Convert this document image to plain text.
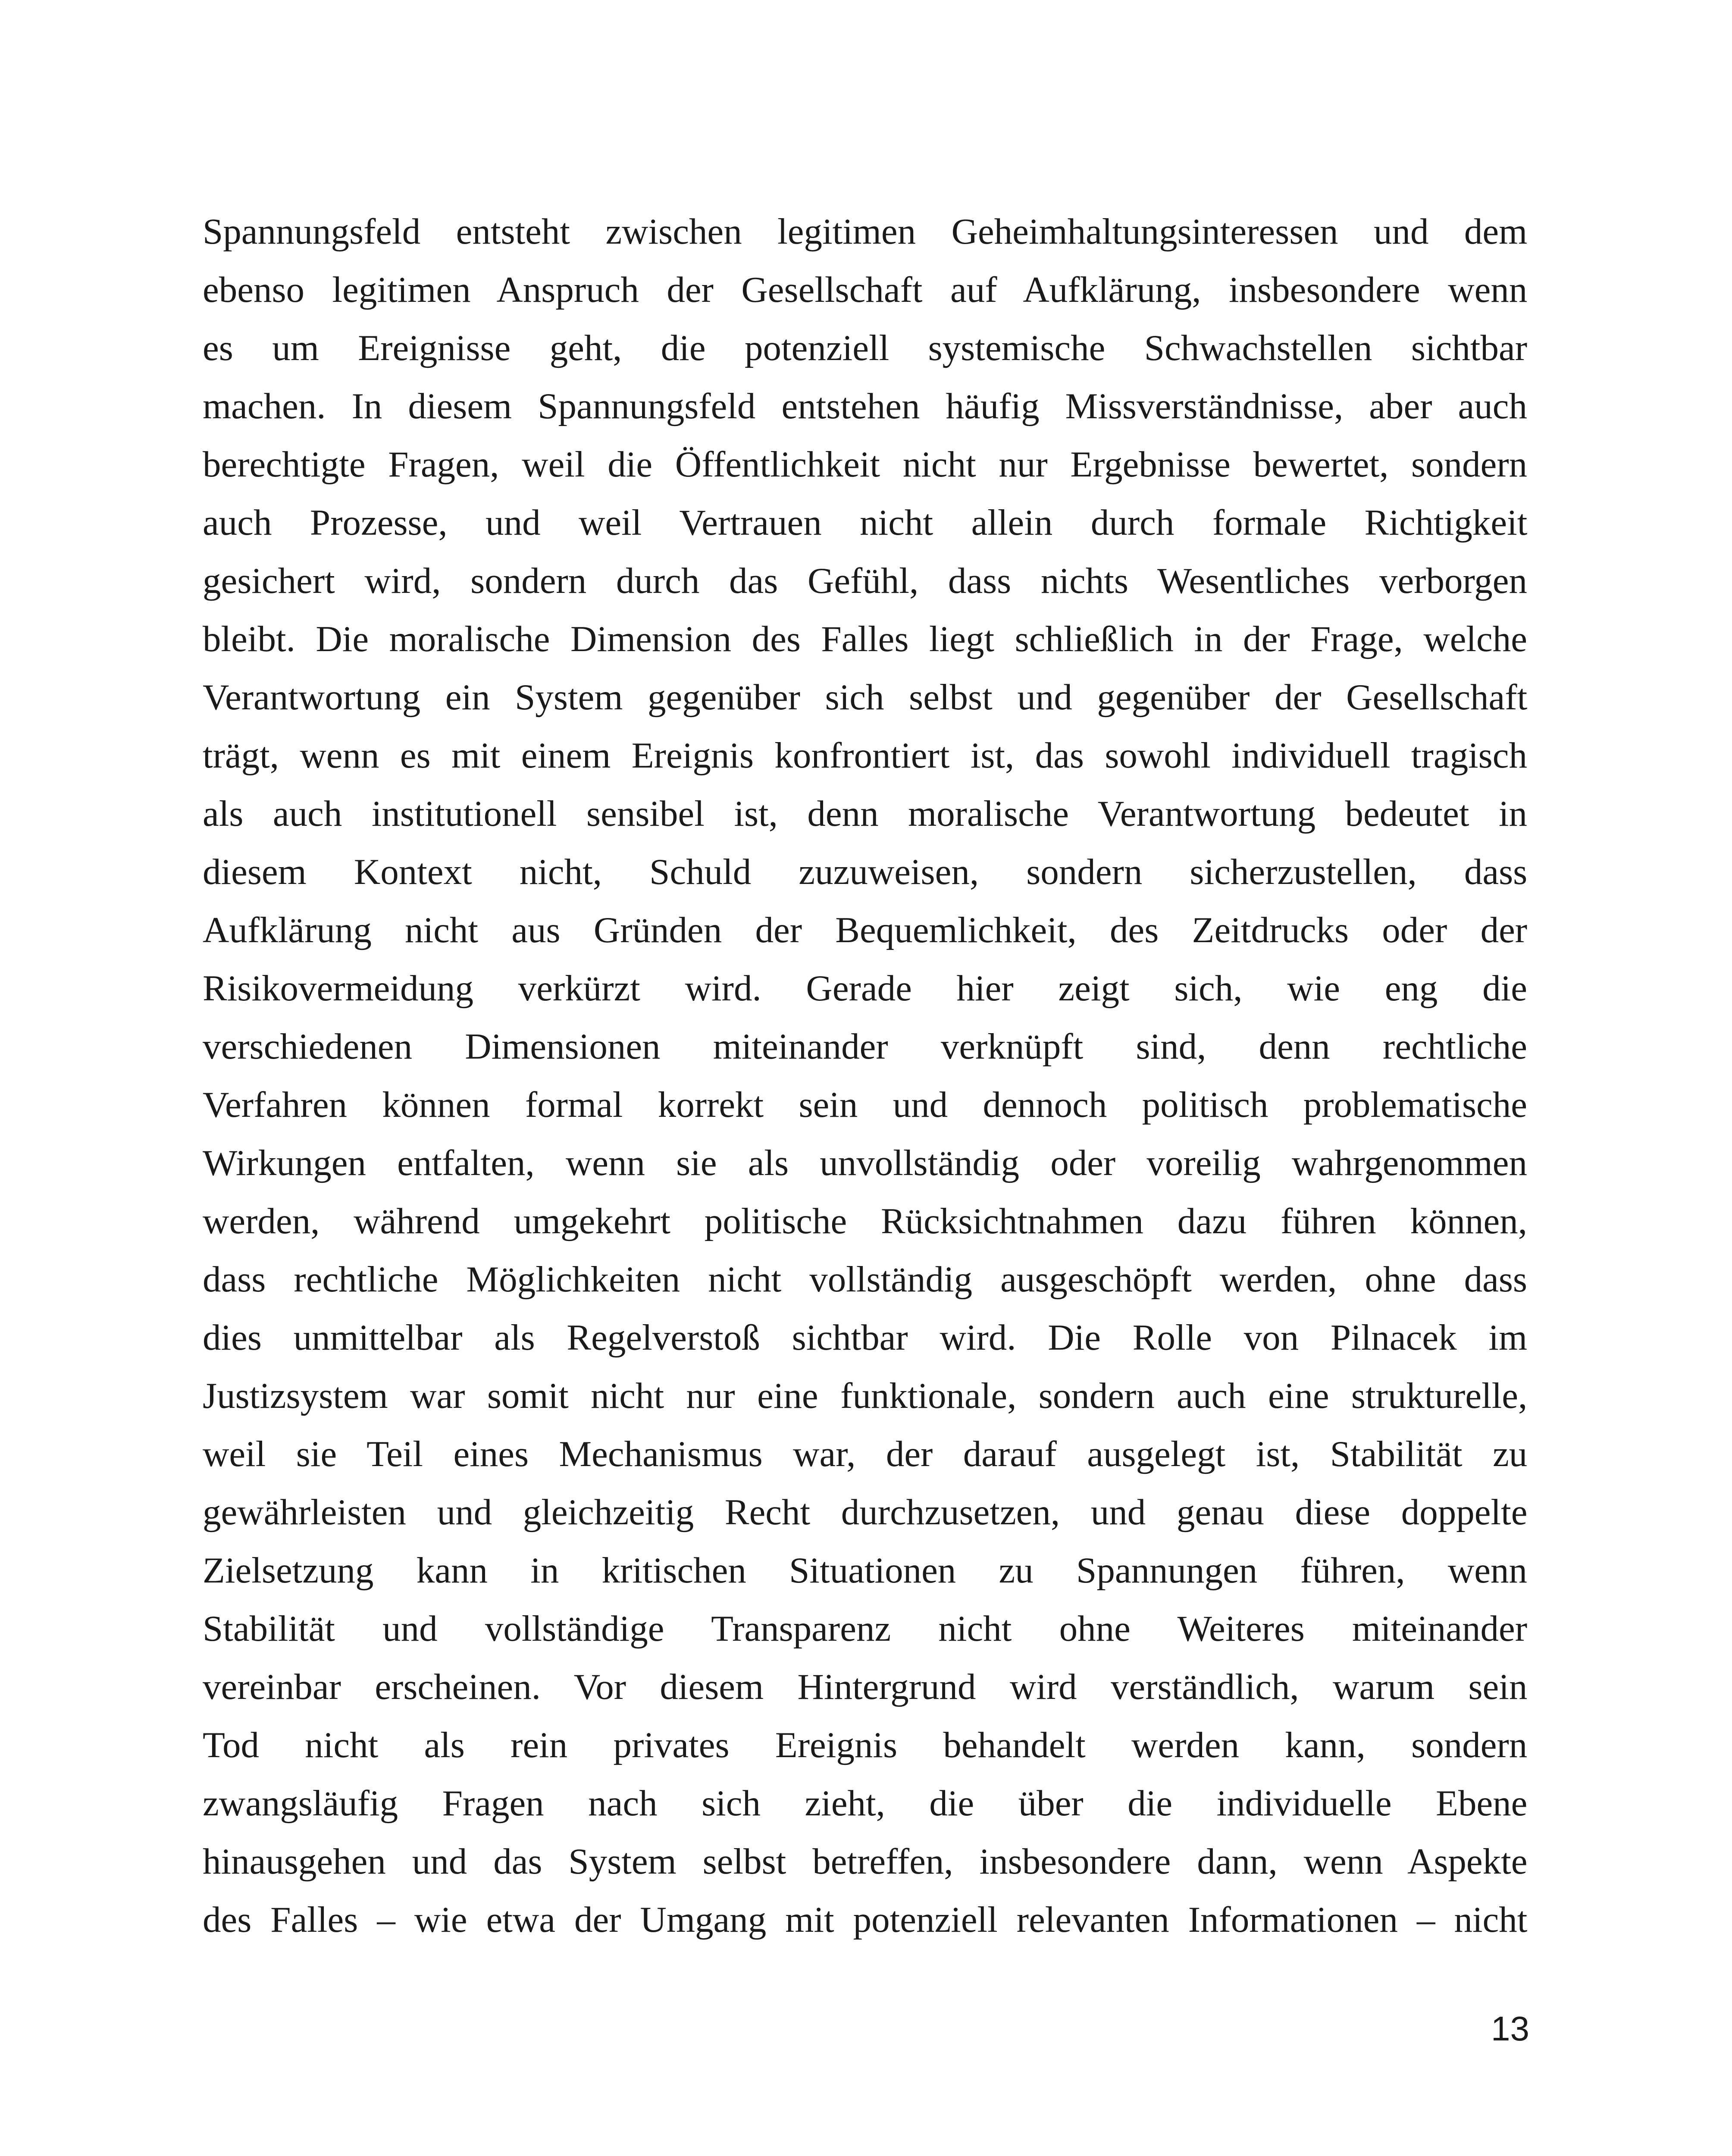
Spannungsfeld entsteht zwischen legitimen Geheimhaltungsinteressen und dem
ebenso legitimen Anspruch der Gesellschaft auf Aufklärung, insbesondere wenn
es um Ereignisse geht, die potenziell systemische Schwachstellen sichtbar
machen. In diesem Spannungsfeld entstehen häufig Missverständnisse, aber auch
berechtigte Fragen, weil die Öffentlichkeit nicht nur Ergebnisse bewertet, sondern
auch Prozesse, und weil Vertrauen nicht allein durch formale Richtigkeit
gesichert wird, sondern durch das Gefühl, dass nichts Wesentliches verborgen
bleibt. Die moralische Dimension des Falles liegt schließlich in der Frage, welche
Verantwortung ein System gegenüber sich selbst und gegenüber der Gesellschaft
trägt, wenn es mit einem Ereignis konfrontiert ist, das sowohl individuell tragisch
als auch institutionell sensibel ist, denn moralische Verantwortung bedeutet in
diesem Kontext nicht, Schuld zuzuweisen, sondern sicherzustellen, dass
Aufklärung nicht aus Gründen der Bequemlichkeit, des Zeitdrucks oder der
Risikovermeidung verkürzt wird. Gerade hier zeigt sich, wie eng die
verschiedenen Dimensionen miteinander verknüpft sind, denn rechtliche
Verfahren können formal korrekt sein und dennoch politisch problematische
Wirkungen entfalten, wenn sie als unvollständig oder voreilig wahrgenommen
werden, während umgekehrt politische Rücksichtnahmen dazu führen können,
dass rechtliche Möglichkeiten nicht vollständig ausgeschöpft werden, ohne dass
dies unmittelbar als Regelverstoß sichtbar wird. Die Rolle von Pilnacek im
Justizsystem war somit nicht nur eine funktionale, sondern auch eine strukturelle,
weil sie Teil eines Mechanismus war, der darauf ausgelegt ist, Stabilität zu
gewährleisten und gleichzeitig Recht durchzusetzen, und genau diese doppelte
Zielsetzung kann in kritischen Situationen zu Spannungen führen, wenn
Stabilität und vollständige Transparenz nicht ohne Weiteres miteinander
vereinbar erscheinen. Vor diesem Hintergrund wird verständlich, warum sein
Tod nicht als rein privates Ereignis behandelt werden kann, sondern
zwangsläufig Fragen nach sich zieht, die über die individuelle Ebene
hinausgehen und das System selbst betreffen, insbesondere dann, wenn Aspekte
des Falles – wie etwa der Umgang mit potenziell relevanten Informationen – nicht

13
